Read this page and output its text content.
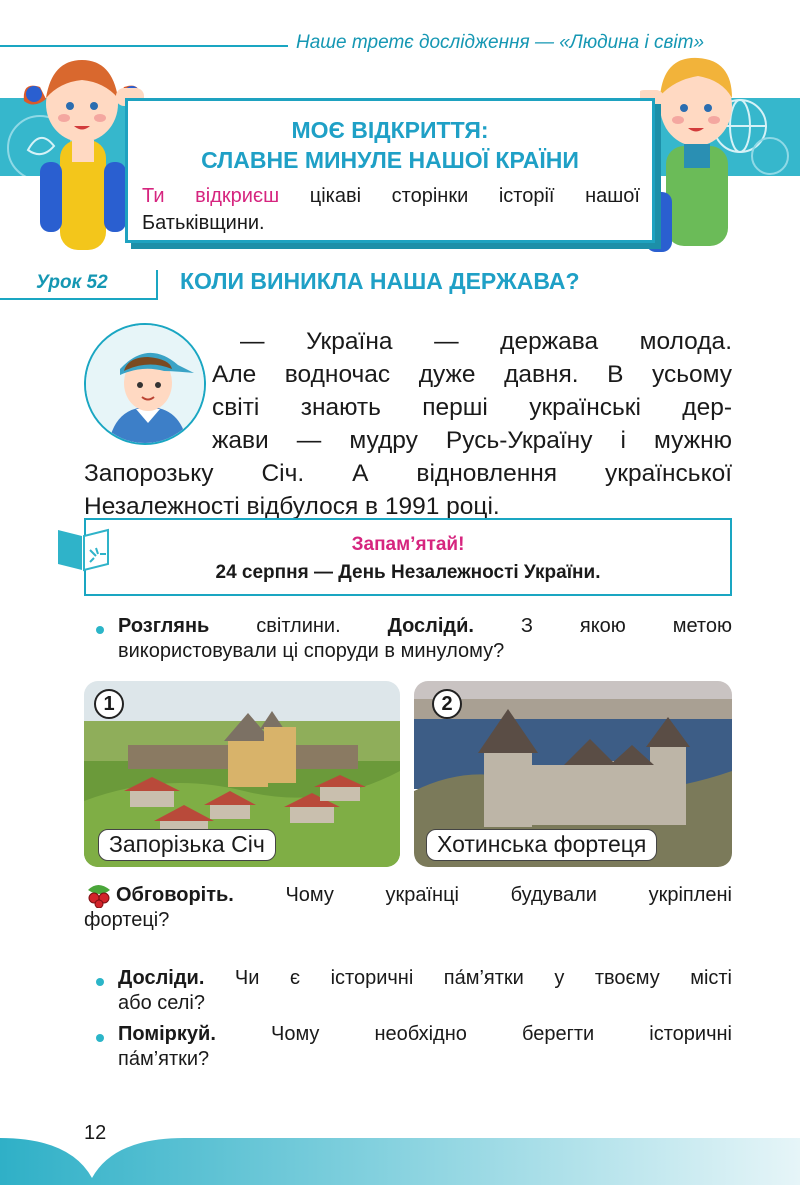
Наше третє дослідження — «Людина і світ»
МОЄ ВІДКРИТТЯ:
СЛАВНЕ МИНУЛЕ НАШОЇ КРАЇНИ
Ти відкриєш цікаві сторінки історії нашої
Батьківщини.
Урок 52	КОЛИ ВИНИКЛА НАША ДЕРЖАВА?
— Україна — держава молода.
Але водночас дуже давня. В усьому
світі знають перші українські дер-
жави — мудру Русь-Україну і мужню
Запорозьку Січ. А відновлення української
Незалежності відбулося в 1991 році.
Запам’ятай!
24 серпня — День Незалежності України.
Розглянь світлини. Досліди́. З якою метою
використовували ці споруди в минулому?
1
Запорізька Січ
2
Хотинська фортеця
Обговоріть. Чому українці будували укріплені
фортеці?
Досліди. Чи є історичні па́м’ятки у твоєму місті
або селі?
Поміркуй. Чому необхідно берегти історичні
па́м’ятки?
12
